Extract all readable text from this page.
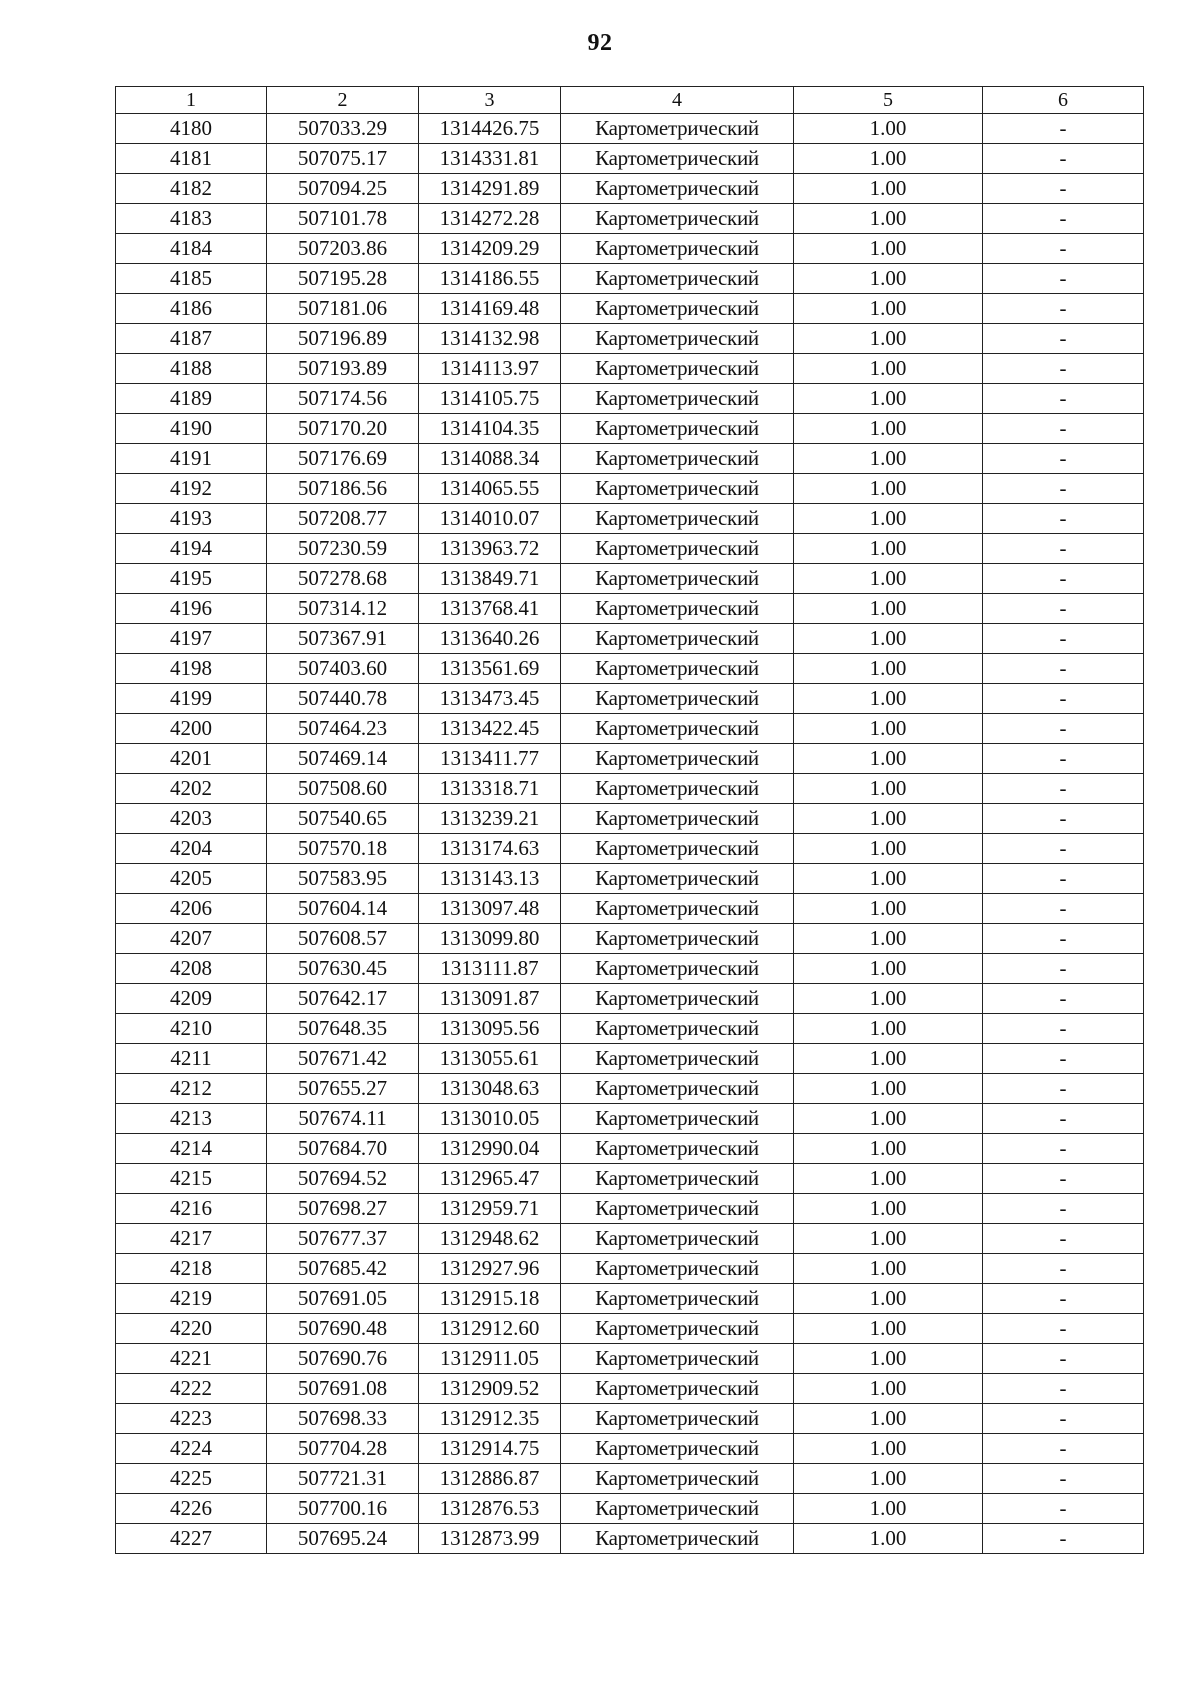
92
1	2	3	4	5	6
4180	507033.29	1314426.75	Картометрический	1.00	-
4181	507075.17	1314331.81	Картометрический	1.00	-
4182	507094.25	1314291.89	Картометрический	1.00	-
4183	507101.78	1314272.28	Картометрический	1.00	-
4184	507203.86	1314209.29	Картометрический	1.00	-
4185	507195.28	1314186.55	Картометрический	1.00	-
4186	507181.06	1314169.48	Картометрический	1.00	-
4187	507196.89	1314132.98	Картометрический	1.00	-
4188	507193.89	1314113.97	Картометрический	1.00	-
4189	507174.56	1314105.75	Картометрический	1.00	-
4190	507170.20	1314104.35	Картометрический	1.00	-
4191	507176.69	1314088.34	Картометрический	1.00	-
4192	507186.56	1314065.55	Картометрический	1.00	-
4193	507208.77	1314010.07	Картометрический	1.00	-
4194	507230.59	1313963.72	Картометрический	1.00	-
4195	507278.68	1313849.71	Картометрический	1.00	-
4196	507314.12	1313768.41	Картометрический	1.00	-
4197	507367.91	1313640.26	Картометрический	1.00	-
4198	507403.60	1313561.69	Картометрический	1.00	-
4199	507440.78	1313473.45	Картометрический	1.00	-
4200	507464.23	1313422.45	Картометрический	1.00	-
4201	507469.14	1313411.77	Картометрический	1.00	-
4202	507508.60	1313318.71	Картометрический	1.00	-
4203	507540.65	1313239.21	Картометрический	1.00	-
4204	507570.18	1313174.63	Картометрический	1.00	-
4205	507583.95	1313143.13	Картометрический	1.00	-
4206	507604.14	1313097.48	Картометрический	1.00	-
4207	507608.57	1313099.80	Картометрический	1.00	-
4208	507630.45	1313111.87	Картометрический	1.00	-
4209	507642.17	1313091.87	Картометрический	1.00	-
4210	507648.35	1313095.56	Картометрический	1.00	-
4211	507671.42	1313055.61	Картометрический	1.00	-
4212	507655.27	1313048.63	Картометрический	1.00	-
4213	507674.11	1313010.05	Картометрический	1.00	-
4214	507684.70	1312990.04	Картометрический	1.00	-
4215	507694.52	1312965.47	Картометрический	1.00	-
4216	507698.27	1312959.71	Картометрический	1.00	-
4217	507677.37	1312948.62	Картометрический	1.00	-
4218	507685.42	1312927.96	Картометрический	1.00	-
4219	507691.05	1312915.18	Картометрический	1.00	-
4220	507690.48	1312912.60	Картометрический	1.00	-
4221	507690.76	1312911.05	Картометрический	1.00	-
4222	507691.08	1312909.52	Картометрический	1.00	-
4223	507698.33	1312912.35	Картометрический	1.00	-
4224	507704.28	1312914.75	Картометрический	1.00	-
4225	507721.31	1312886.87	Картометрический	1.00	-
4226	507700.16	1312876.53	Картометрический	1.00	-
4227	507695.24	1312873.99	Картометрический	1.00	-
